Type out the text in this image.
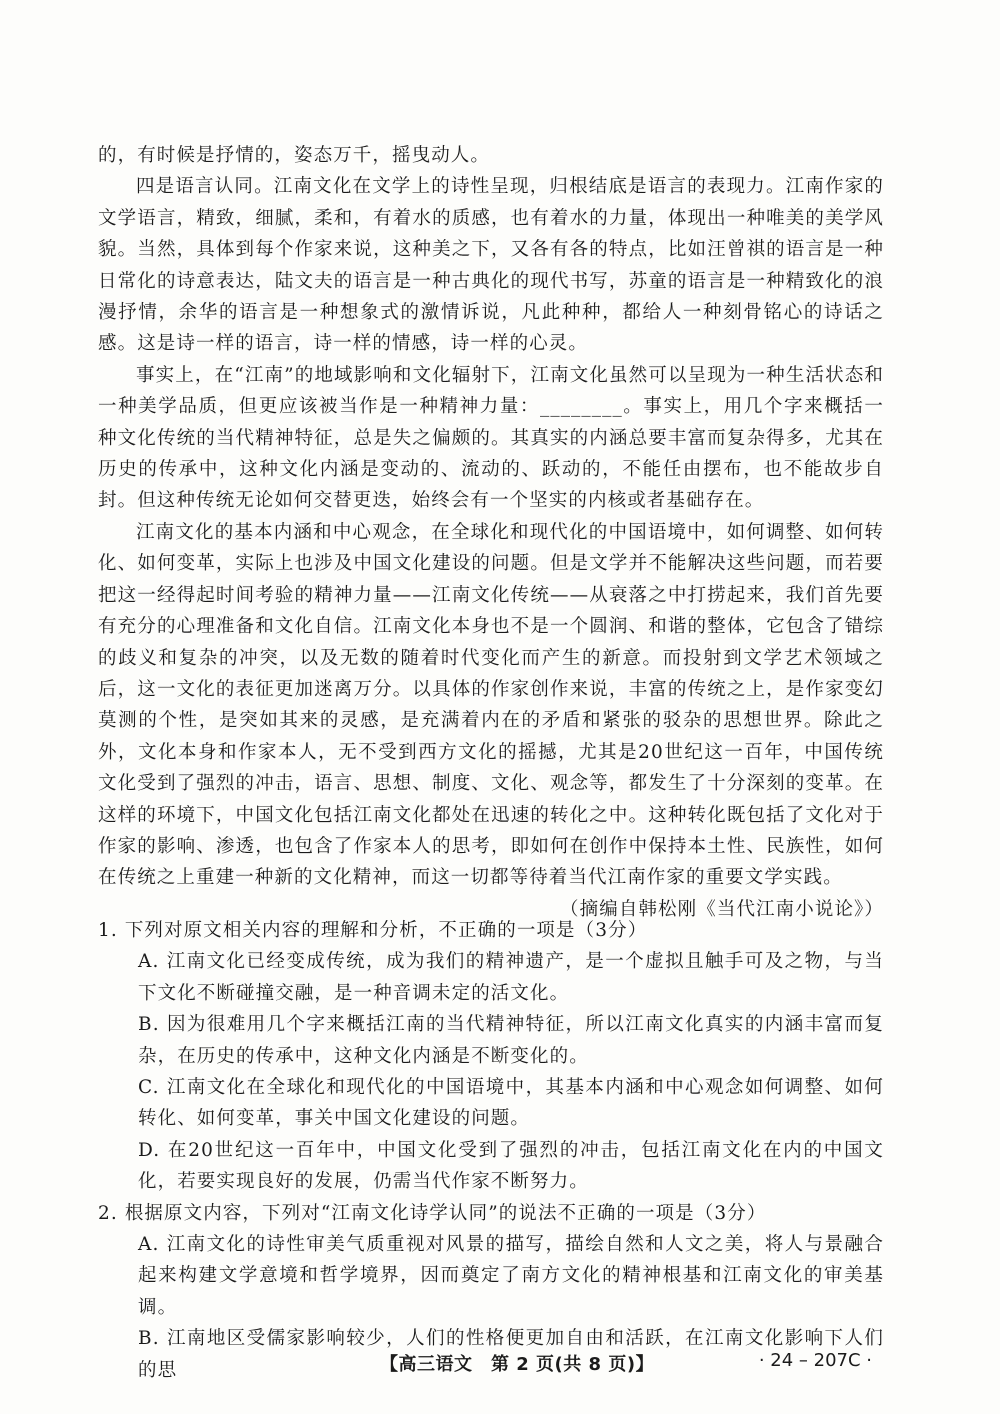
的，有时候是抒情的，姿态万千，摇曳动人。

四是语言认同。江南文化在文学上的诗性呈现，归根结底是语言的表现力。江南作家的文学语言，精致，细腻，柔和，有着水的质感，也有着水的力量，体现出一种唯美的美学风貌。当然，具体到每个作家来说，这种美之下，又各有各的特点，比如汪曾祺的语言是一种日常化的诗意表达，陆文夫的语言是一种古典化的现代书写，苏童的语言是一种精致化的浪漫抒情，余华的语言是一种想象式的激情诉说，凡此种种，都给人一种刻骨铭心的诗话之感。这是诗一样的语言，诗一样的情感，诗一样的心灵。

事实上，在“江南”的地域影响和文化辐射下，江南文化虽然可以呈现为一种生活状态和一种美学品质，但更应该被当作是一种精神力量：________。事实上，用几个字来概括一种文化传统的当代精神特征，总是失之偏颇的。其真实的内涵总要丰富而复杂得多，尤其在历史的传承中，这种文化内涵是变动的、流动的、跃动的，不能任由摆布，也不能故步自封。但这种传统无论如何交替更迭，始终会有一个坚实的内核或者基础存在。

江南文化的基本内涵和中心观念，在全球化和现代化的中国语境中，如何调整、如何转化、如何变革，实际上也涉及中国文化建设的问题。但是文学并不能解决这些问题，而若要把这一经得起时间考验的精神力量——江南文化传统——从衰落之中打捞起来，我们首先要有充分的心理准备和文化自信。江南文化本身也不是一个圆润、和谐的整体，它包含了错综的歧义和复杂的冲突，以及无数的随着时代变化而产生的新意。而投射到文学艺术领域之后，这一文化的表征更加迷离万分。以具体的作家创作来说，丰富的传统之上，是作家变幻莫测的个性，是突如其来的灵感，是充满着内在的矛盾和紧张的驳杂的思想世界。除此之外，文化本身和作家本人，无不受到西方文化的摇撼，尤其是20世纪这一百年，中国传统文化受到了强烈的冲击，语言、思想、制度、文化、观念等，都发生了十分深刻的变革。在这样的环境下，中国文化包括江南文化都处在迅速的转化之中。这种转化既包括了文化对于作家的影响、渗透，也包含了作家本人的思考，即如何在创作中保持本土性、民族性，如何在传统之上重建一种新的文化精神，而这一切都等待着当代江南作家的重要文学实践。

（摘编自韩松刚《当代江南小说论》）

1. 下列对原文相关内容的理解和分析，不正确的一项是（3分）

A. 江南文化已经变成传统，成为我们的精神遗产，是一个虚拟且触手可及之物，与当下文化不断碰撞交融，是一种音调未定的活文化。

B. 因为很难用几个字来概括江南的当代精神特征，所以江南文化真实的内涵丰富而复杂，在历史的传承中，这种文化内涵是不断变化的。

C. 江南文化在全球化和现代化的中国语境中，其基本内涵和中心观念如何调整、如何转化、如何变革，事关中国文化建设的问题。

D. 在20世纪这一百年中，中国文化受到了强烈的冲击，包括江南文化在内的中国文化，若要实现良好的发展，仍需当代作家不断努力。

2. 根据原文内容，下列对“江南文化诗学认同”的说法不正确的一项是（3分）

A. 江南文化的诗性审美气质重视对风景的描写，描绘自然和人文之美，将人与景融合起来构建文学意境和哲学境界，因而奠定了南方文化的精神根基和江南文化的审美基调。

B. 江南地区受儒家影响较少，人们的性格便更加自由和活跃，在江南文化影响下人们的思	【高三语文　第 2 页(共 8 页)】	· 24 – 207C ·
